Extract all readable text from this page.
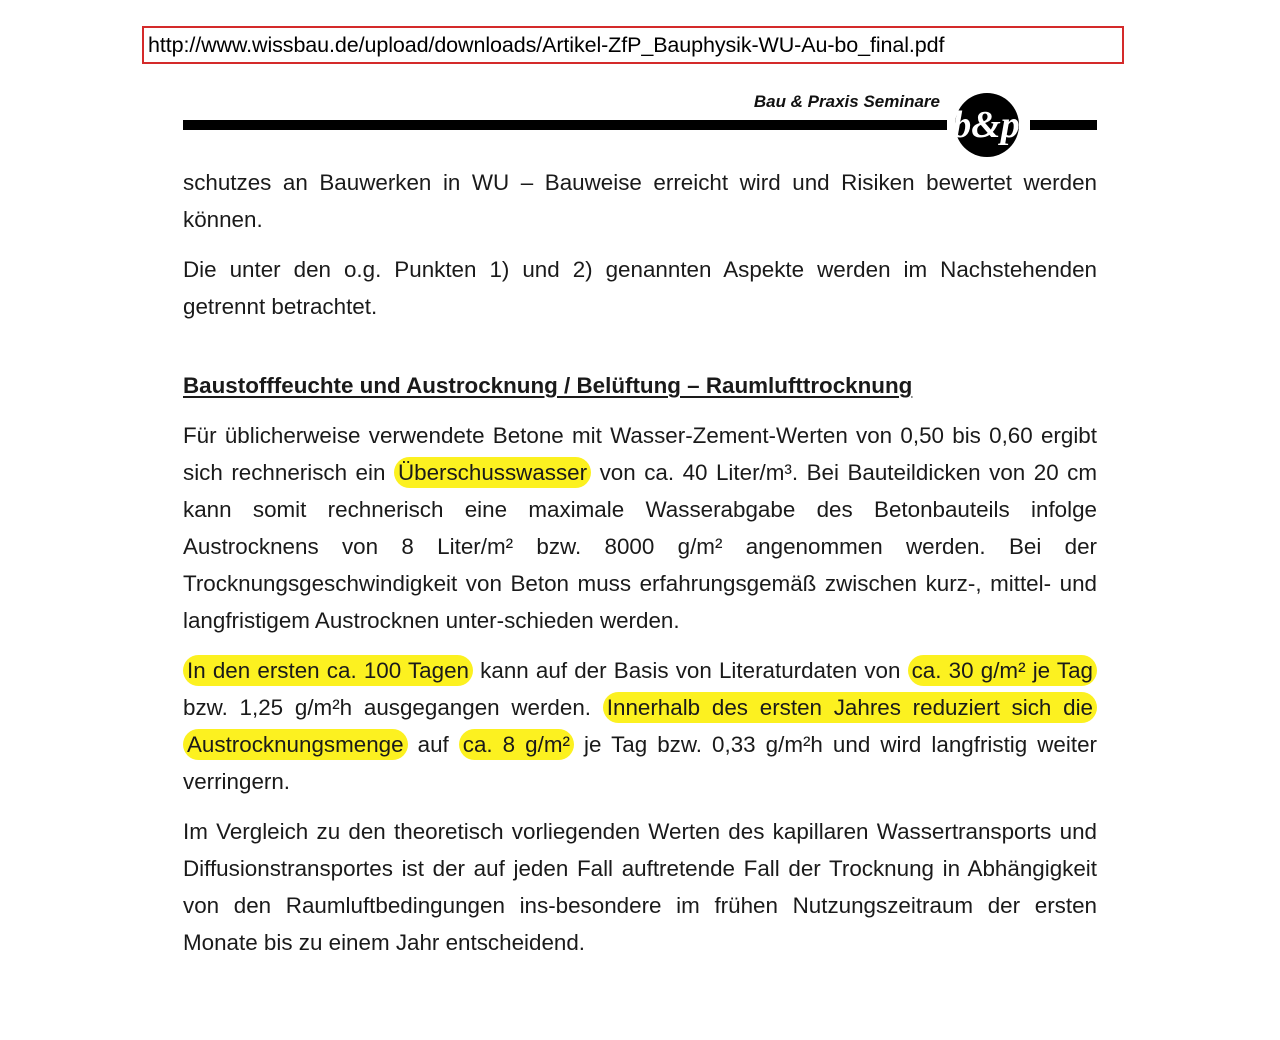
http://www.wissbau.de/upload/downloads/Artikel-ZfP_Bauphysik-WU-Au-bo_final.pdf
Bau & Praxis Seminare
b&p

schutzes an Bauwerken in WU – Bauweise erreicht wird und Risiken bewertet werden können.

Die unter den o.g. Punkten 1) und 2) genannten Aspekte werden im Nachstehenden getrennt betrachtet.

Baustofffeuchte und Austrocknung / Belüftung – Raumlufttrocknung

Für üblicherweise verwendete Betone mit Wasser-Zement-Werten von 0,50 bis 0,60 ergibt sich rechnerisch ein Überschusswasser von ca. 40 Liter/m³. Bei Bauteildicken von 20 cm kann somit rechnerisch eine maximale Wasserabgabe des Betonbauteils infolge Austrocknens von 8 Liter/m² bzw. 8000 g/m² angenommen werden. Bei der Trocknungsgeschwindigkeit von Beton muss erfahrungsgemäß zwischen kurz-, mittel- und langfristigem Austrocknen unter-schieden werden.

In den ersten ca. 100 Tagen kann auf der Basis von Literaturdaten von ca. 30 g/m² je Tag bzw. 1,25 g/m²h ausgegangen werden. Innerhalb des ersten Jahres reduziert sich die Austrocknungsmenge auf ca. 8 g/m² je Tag bzw. 0,33 g/m²h und wird langfristig weiter verringern.

Im Vergleich zu den theoretisch vorliegenden Werten des kapillaren Wassertransports und Diffusionstransportes ist der auf jeden Fall auftretende Fall der Trocknung in Abhängigkeit von den Raumluftbedingungen ins-besondere im frühen Nutzungszeitraum der ersten Monate bis zu einem Jahr entscheidend.
